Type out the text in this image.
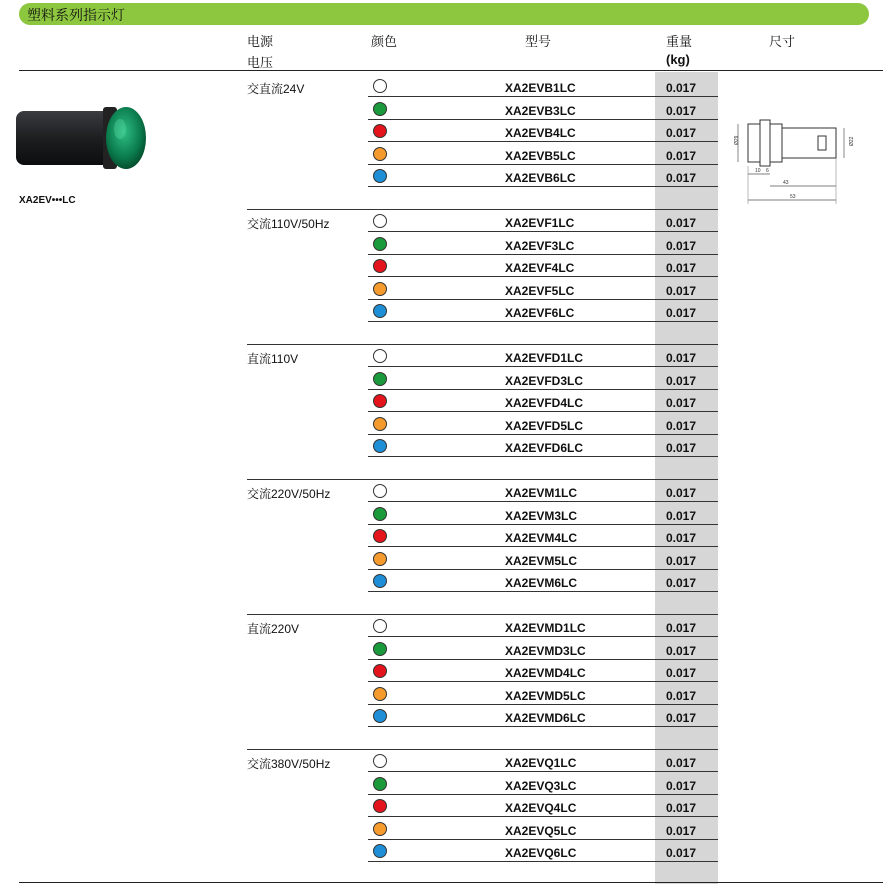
塑料系列指示灯
电源
电压
颜色	型号	重量
(kg)
尺寸
XA2EV•••LC
Ø29	Ø22
10 6
43
53
交直流24V	XA2EVB1LC	0.017
XA2EVB3LC	0.017
XA2EVB4LC	0.017
XA2EVB5LC	0.017
XA2EVB6LC	0.017
交流110V/50Hz	XA2EVF1LC	0.017
XA2EVF3LC	0.017
XA2EVF4LC	0.017
XA2EVF5LC	0.017
XA2EVF6LC	0.017
直流110V	XA2EVFD1LC	0.017
XA2EVFD3LC	0.017
XA2EVFD4LC	0.017
XA2EVFD5LC	0.017
XA2EVFD6LC	0.017
交流220V/50Hz	XA2EVM1LC	0.017
XA2EVM3LC	0.017
XA2EVM4LC	0.017
XA2EVM5LC	0.017
XA2EVM6LC	0.017
直流220V	XA2EVMD1LC	0.017
XA2EVMD3LC	0.017
XA2EVMD4LC	0.017
XA2EVMD5LC	0.017
XA2EVMD6LC	0.017
交流380V/50Hz	XA2EVQ1LC	0.017
XA2EVQ3LC	0.017
XA2EVQ4LC	0.017
XA2EVQ5LC	0.017
XA2EVQ6LC	0.017
